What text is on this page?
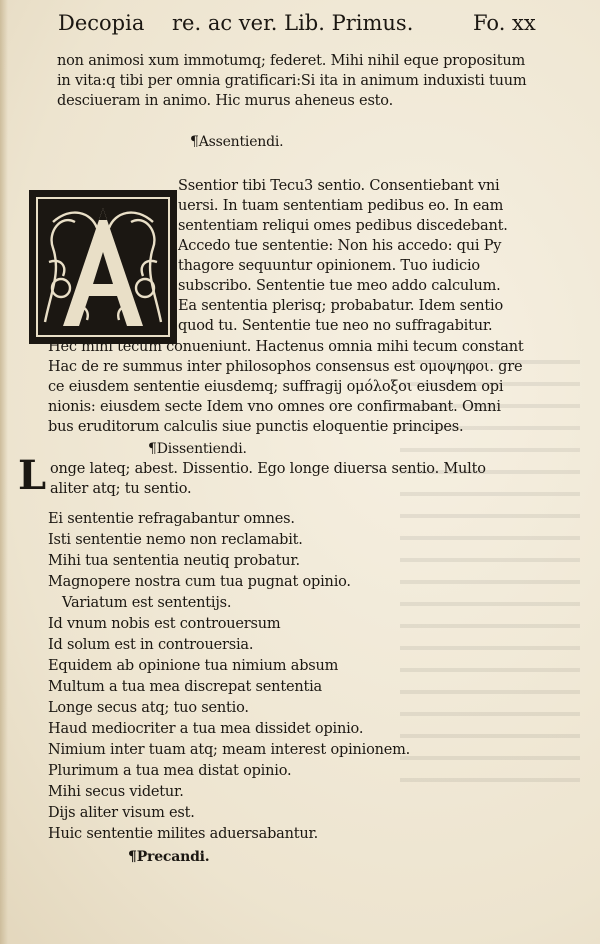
Decopia re. ac ver. Lib. Primus.	Fo. xx
non animosi xum immotumq; federet. Mihi nihil eque propositum
in vita:q tibi per omnia gratificari:Si ita in animum induxisti tuum
desciueram in animo. Hic murus aheneus esto.
¶Assentiendi.
Ssentior tibi Tecu3 sentio. Consentiebant vni
uersi. In tuam sententiam pedibus eo. In eam
sententiam reliqui omes pedibus discedebant.
Accedo tue sententie: Non his accedo: qui Py
thagore sequuntur opinionem. Tuo iudicio
subscribo. Sententie tue meo addo calculum.
Ea sententia plerisq; probabatur. Idem sentio
quod tu. Sententie tue neo no suffragabitur.
Hec mihi tecum conueniunt. Hactenus omnia mihi tecum constant
Hac de re summus inter philosophos consensus est ομοψηφοι. gre
ce eiusdem sententie eiusdemq; suffragij ομόλοξοι eiusdem opi
nionis: eiusdem secte Idem vno omnes ore confirmabant. Omni
bus eruditorum calculis siue punctis eloquentie principes.
¶Dissentiendi.
L onge lateq; abest. Dissentio. Ego longe diuersa sentio. Multo
aliter atq; tu sentio.
Ei sententie refragabantur omnes.
Isti sententie nemo non reclamabit.
Mihi tua sententia neutiq probatur.
Magnopere nostra cum tua pugnat opinio.
Variatum est sententijs.
Id vnum nobis est controuersum
Id solum est in controuersia.
Equidem ab opinione tua nimium absum
Multum a tua mea discrepat sententia
Longe secus atq; tuo sentio.
Haud mediocriter a tua mea dissidet opinio.
Nimium inter tuam atq; meam interest opinionem.
Plurimum a tua mea distat opinio.
Mihi secus videtur.
Dijs aliter visum est.
Huic sententie milites aduersabantur.
¶Precandi.
